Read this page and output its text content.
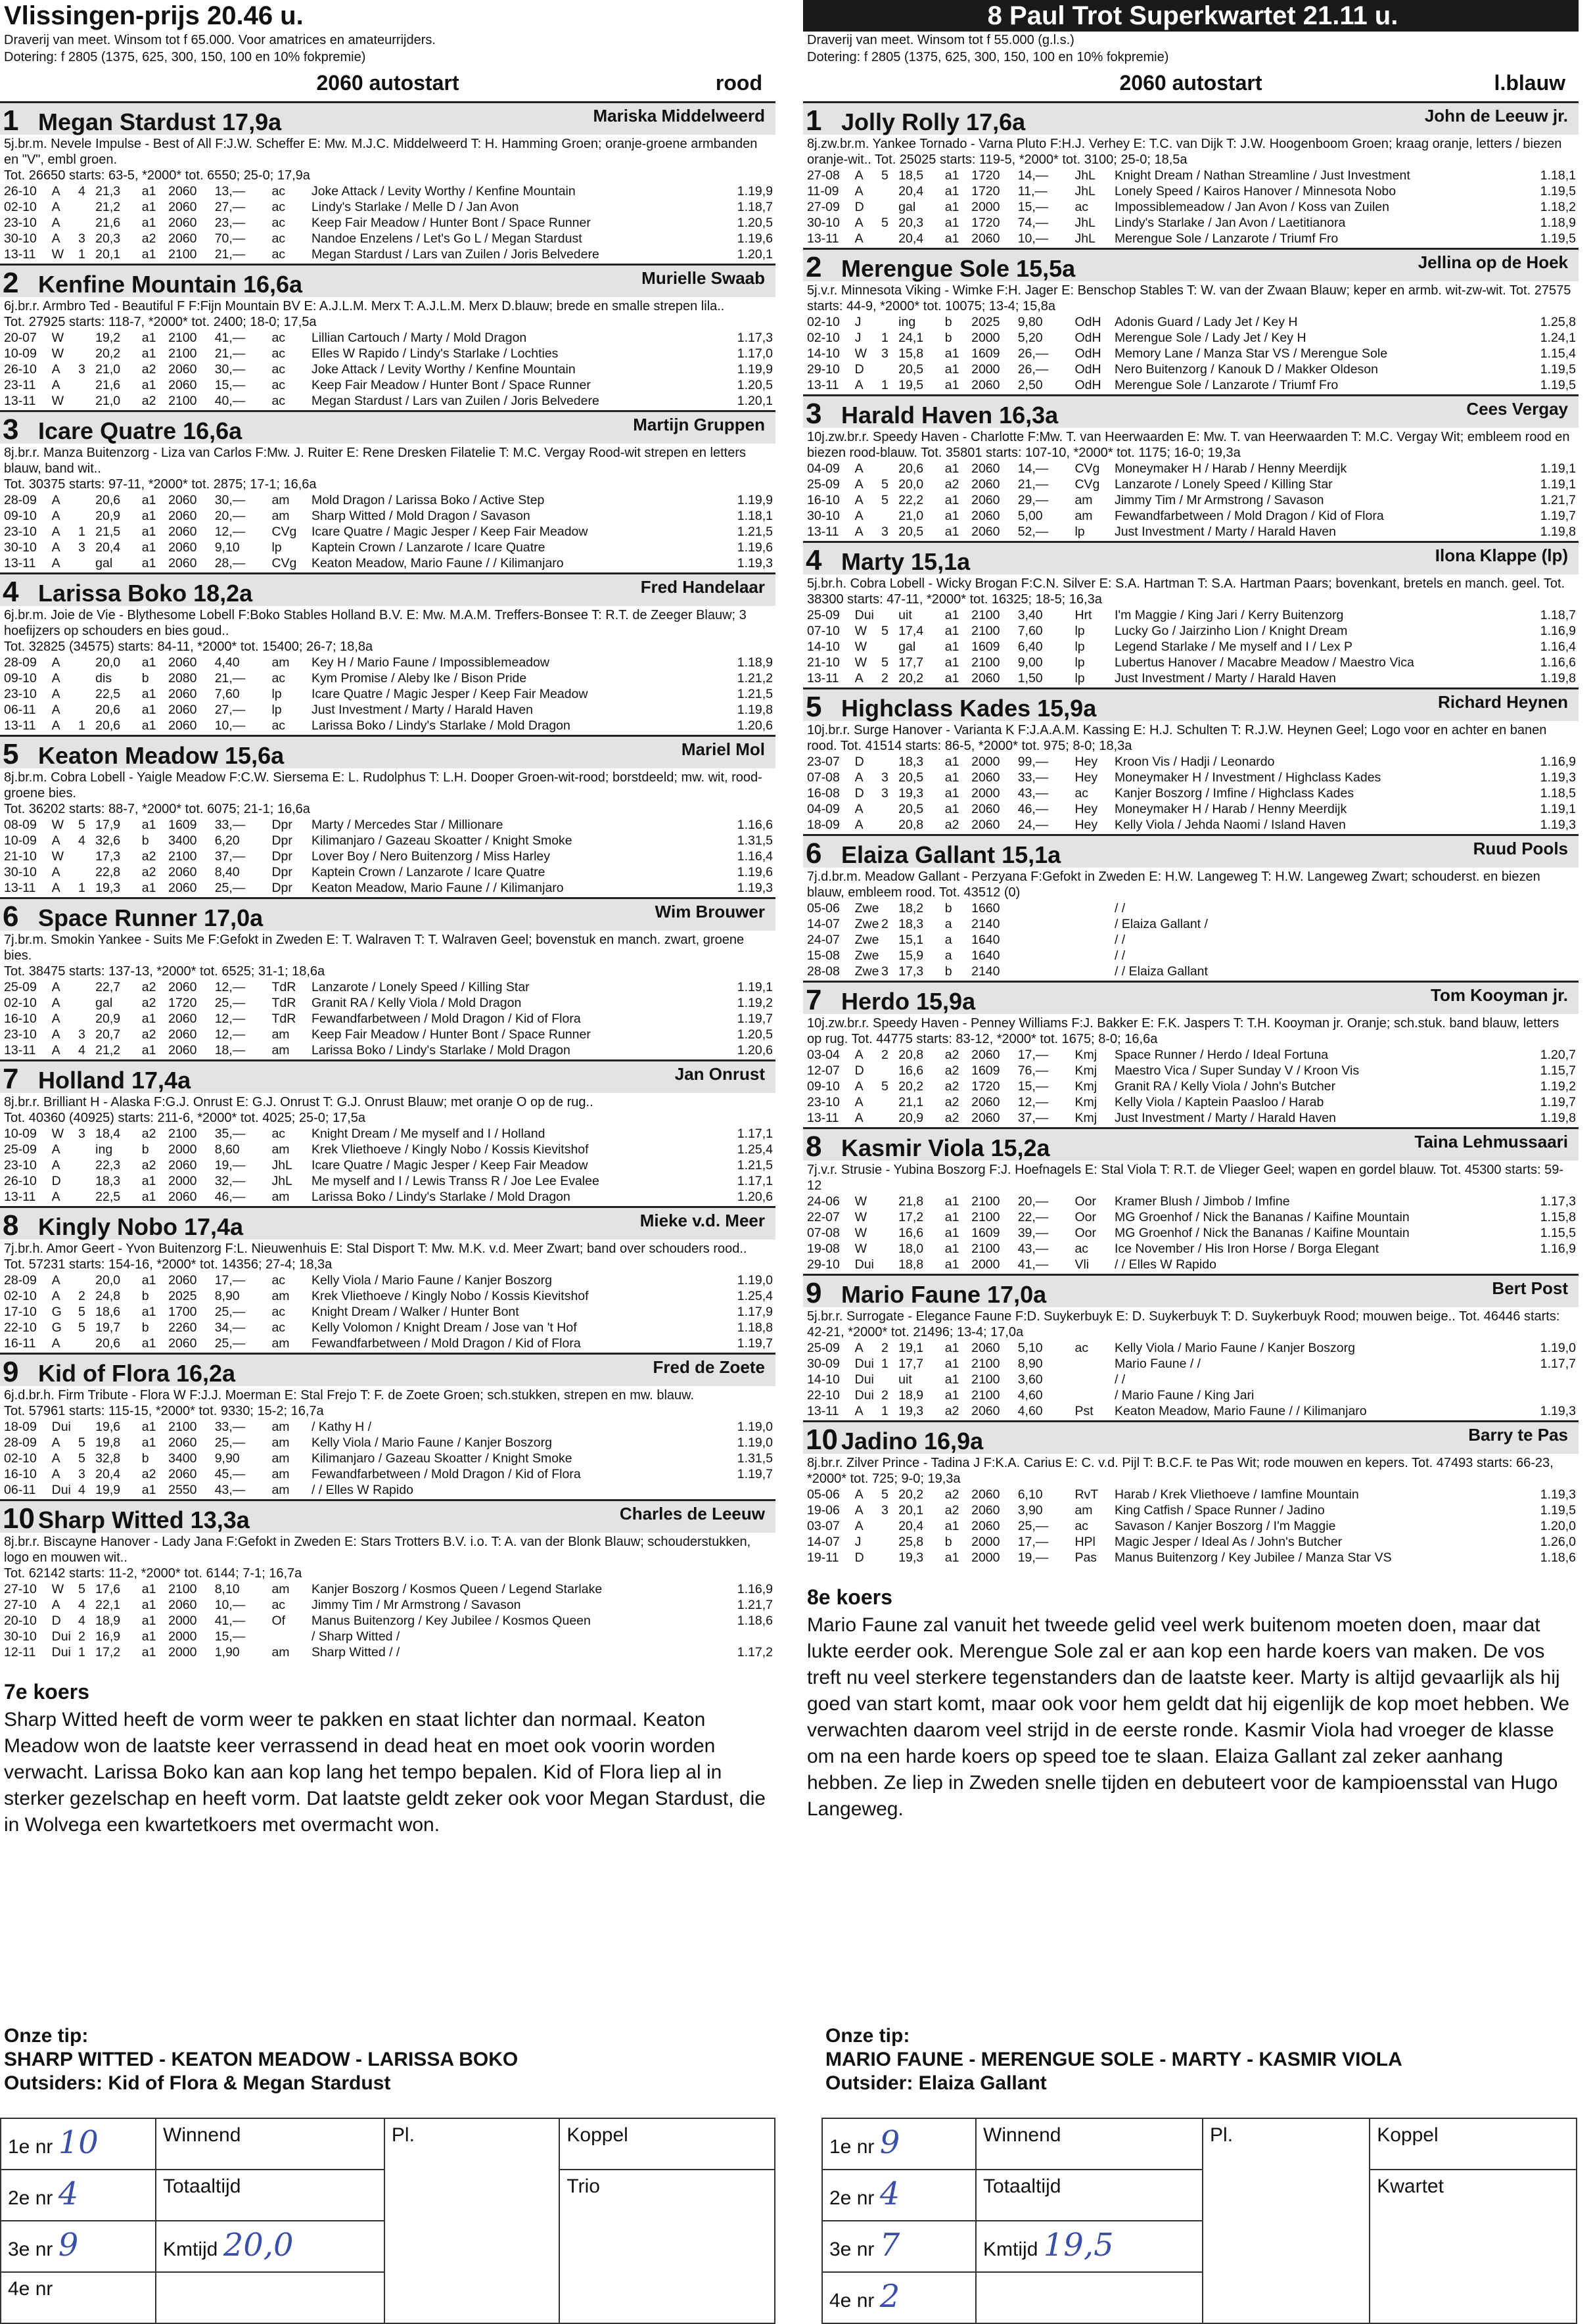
Vlissingen-prijs 20.46 u.
Draverij van meet. Winsom tot f 65.000. Voor amatrices en amateurrijders.
Dotering: f 2805 (1375, 625, 300, 150, 100 en 10% fokpremie)
2060 autostart	rood
1 Megan Stardust 17,9a	Mariska Middelweerd
5j.br.m. Nevele Impulse - Best of All F:J.W. Scheffer E: Mw. M.J.C. Middelweerd T: H. Hamming Groen; oranje-groene armbanden en "V", embl groen.
Tot. 26650 starts: 63-5, *2000* tot. 6550; 25-0; 17,9a
26-10	A	4	21,3	a1	2060	13,—	ac	Joke Attack / Levity Worthy / Kenfine Mountain	1.19,9
02-10	A		21,2	a1	2060	27,—	ac	Lindy's Starlake / Melle D / Jan Avon	1.18,7
23-10	A		21,6	a1	2060	23,—	ac	Keep Fair Meadow / Hunter Bont / Space Runner	1.20,5
30-10	A	3	20,3	a2	2060	70,—	ac	Nandoe Enzelens / Let's Go L / Megan Stardust	1.19,6
13-11	W	1	20,1	a1	2100	21,—	ac	Megan Stardust / Lars van Zuilen / Joris Belvedere	1.20,1
2 Kenfine Mountain 16,6a	Murielle Swaab
6j.br.r. Armbro Ted - Beautiful F F:Fijn Mountain BV E: A.J.L.M. Merx T: A.J.L.M. Merx D.blauw; brede en smalle strepen lila..
Tot. 27925 starts: 118-7, *2000* tot. 2400; 18-0; 17,5a
20-07	W		19,2	a1	2100	41,—	ac	Lillian Cartouch / Marty / Mold Dragon	1.17,3
10-09	W		20,2	a1	2100	21,—	ac	Elles W Rapido / Lindy's Starlake / Lochties	1.17,0
26-10	A	3	21,0	a2	2060	30,—	ac	Joke Attack / Levity Worthy / Kenfine Mountain	1.19,9
23-11	A		21,6	a1	2060	15,—	ac	Keep Fair Meadow / Hunter Bont / Space Runner	1.20,5
13-11	W		21,0	a2	2100	40,—	ac	Megan Stardust / Lars van Zuilen / Joris Belvedere	1.20,1
3 Icare Quatre 16,6a	Martijn Gruppen
8j.br.r. Manza Buitenzorg - Liza van Carlos F:Mw. J. Ruiter E: Rene Dresken Filatelie T: M.C. Vergay Rood-wit strepen en letters blauw, band wit..
Tot. 30375 starts: 97-11, *2000* tot. 2875; 17-1; 16,6a
28-09	A		20,6	a1	2060	30,—	am	Mold Dragon / Larissa Boko / Active Step	1.19,9
09-10	A		20,9	a1	2060	20,—	am	Sharp Witted / Mold Dragon / Savason	1.18,1
23-10	A	1	21,5	a1	2060	12,—	CVg	Icare Quatre / Magic Jesper / Keep Fair Meadow	1.21,5
30-10	A	3	20,4	a1	2060	9,10	lp	Kaptein Crown / Lanzarote / Icare Quatre	1.19,6
13-11	A		gal	a1	2060	28,—	CVg	Keaton Meadow, Mario Faune / / Kilimanjaro	1.19,3
4 Larissa Boko 18,2a	Fred Handelaar
6j.br.m. Joie de Vie - Blythesome Lobell F:Boko Stables Holland B.V. E: Mw. M.A.M. Treffers-Bonsee T: R.T. de Zeeger Blauw; 3 hoefijzers op schouders en bies goud..
Tot. 32825 (34575) starts: 84-11, *2000* tot. 15400; 26-7; 18,8a
28-09	A		20,0	a1	2060	4,40	am	Key H / Mario Faune / Impossiblemeadow	1.18,9
09-10	A		dis	b	2080	21,—	ac	Kym Promise / Aleby Ike / Bison Pride	1.21,2
23-10	A		22,5	a1	2060	7,60	lp	Icare Quatre / Magic Jesper / Keep Fair Meadow	1.21,5
06-11	A		20,6	a1	2060	27,—	lp	Just Investment / Marty / Harald Haven	1.19,8
13-11	A	1	20,6	a1	2060	10,—	ac	Larissa Boko / Lindy's Starlake / Mold Dragon	1.20,6
5 Keaton Meadow 15,6a	Mariel Mol
8j.br.m. Cobra Lobell - Yaigle Meadow F:C.W. Siersema E: L. Rudolphus T: L.H. Dooper Groen-wit-rood; borstdeeld; mw. wit, rood-groene bies.
Tot. 36202 starts: 88-7, *2000* tot. 6075; 21-1; 16,6a
08-09	W	5	17,9	a1	1609	33,—	Dpr	Marty / Mercedes Star / Millionare	1.16,6
10-09	A	4	32,6	b	3400	6,20	Dpr	Kilimanjaro / Gazeau Skoatter / Knight Smoke	1.31,5
21-10	W		17,3	a2	2100	37,—	Dpr	Lover Boy / Nero Buitenzorg / Miss Harley	1.16,4
30-10	A		22,8	a2	2060	8,40	Dpr	Kaptein Crown / Lanzarote / Icare Quatre	1.19,6
13-11	A	1	19,3	a1	2060	25,—	Dpr	Keaton Meadow, Mario Faune / / Kilimanjaro	1.19,3
6 Space Runner 17,0a	Wim Brouwer
7j.br.m. Smokin Yankee - Suits Me F:Gefokt in Zweden E: T. Walraven T: T. Walraven Geel; bovenstuk en manch. zwart, groene bies.
Tot. 38475 starts: 137-13, *2000* tot. 6525; 31-1; 18,6a
25-09	A		22,7	a2	2060	12,—	TdR	Lanzarote / Lonely Speed / Killing Star	1.19,1
02-10	A		gal	a2	1720	25,—	TdR	Granit RA / Kelly Viola / Mold Dragon	1.19,2
16-10	A		20,9	a1	2060	12,—	TdR	Fewandfarbetween / Mold Dragon / Kid of Flora	1.19,7
23-10	A	3	20,7	a2	2060	12,—	am	Keep Fair Meadow / Hunter Bont / Space Runner	1.20,5
13-11	A	4	21,2	a1	2060	18,—	am	Larissa Boko / Lindy's Starlake / Mold Dragon	1.20,6
7 Holland 17,4a	Jan Onrust
8j.br.r. Brilliant H - Alaska F:G.J. Onrust E: G.J. Onrust T: G.J. Onrust Blauw; met oranje O op de rug..
Tot. 40360 (40925) starts: 211-6, *2000* tot. 4025; 25-0; 17,5a
10-09	W	3	18,4	a2	2100	35,—	ac	Knight Dream / Me myself and I / Holland	1.17,1
25-09	A		ing	b	2000	8,60	am	Krek Vliethoeve / Kingly Nobo / Kossis Kievitshof	1.25,4
23-10	A		22,3	a2	2060	19,—	JhL	Icare Quatre / Magic Jesper / Keep Fair Meadow	1.21,5
26-10	D		18,3	a1	2000	32,—	JhL	Me myself and I / Lewis Transs R / Joe Lee Evalee	1.17,1
13-11	A		22,5	a1	2060	46,—	am	Larissa Boko / Lindy's Starlake / Mold Dragon	1.20,6
8 Kingly Nobo 17,4a	Mieke v.d. Meer
7j.br.h. Amor Geert - Yvon Buitenzorg F:L. Nieuwenhuis E: Stal Disport T: Mw. M.K. v.d. Meer Zwart; band over schouders rood..
Tot. 57231 starts: 154-16, *2000* tot. 14356; 27-4; 18,3a
28-09	A		20,0	a1	2060	17,—	ac	Kelly Viola / Mario Faune / Kanjer Boszorg	1.19,0
02-10	A	2	24,8	b	2025	8,90	am	Krek Vliethoeve / Kingly Nobo / Kossis Kievitshof	1.25,4
17-10	G	5	18,6	a1	1700	25,—	ac	Knight Dream / Walker / Hunter Bont	1.17,9
22-10	G	5	19,7	b	2260	34,—	ac	Kelly Volomon / Knight Dream / Jose van 't Hof	1.18,8
16-11	A		20,6	a1	2060	25,—	am	Fewandfarbetween / Mold Dragon / Kid of Flora	1.19,7
9 Kid of Flora 16,2a	Fred de Zoete
6j.d.br.h. Firm Tribute - Flora W F:J.J. Moerman E: Stal Frejo T: F. de Zoete Groen; sch.stukken, strepen en mw. blauw.
Tot. 57961 starts: 115-15, *2000* tot. 9330; 15-2; 16,7a
18-09	Dui		19,6	a1	2100	33,—	am	/ Kathy H /	1.19,0
28-09	A	5	19,8	a1	2060	25,—	am	Kelly Viola / Mario Faune / Kanjer Boszorg	1.19,0
02-10	A	5	32,8	b	3400	9,90	am	Kilimanjaro / Gazeau Skoatter / Knight Smoke	1.31,5
16-10	A	3	20,4	a2	2060	45,—	am	Fewandfarbetween / Mold Dragon / Kid of Flora	1.19,7
06-11	Dui	4	19,9	a1	2550	43,—	am	/ / Elles W Rapido	
10 Sharp Witted 13,3a	Charles de Leeuw
8j.br.r. Biscayne Hanover - Lady Jana F:Gefokt in Zweden E: Stars Trotters B.V. i.o. T: A. van der Blonk Blauw; schouderstukken, logo en mouwen wit..
Tot. 62142 starts: 11-2, *2000* tot. 6144; 7-1; 16,7a
27-10	W	5	17,6	a1	2100	8,10	am	Kanjer Boszorg / Kosmos Queen / Legend Starlake	1.16,9
27-10	A	4	22,1	a1	2060	10,—	ac	Jimmy Tim / Mr Armstrong / Savason	1.21,7
20-10	D	4	18,9	a1	2000	41,—	Of	Manus Buitenzorg / Key Jubilee / Kosmos Queen	1.18,6
30-10	Dui	2	16,9	a1	2000	15,—		/ Sharp Witted /	
12-11	Dui	1	17,2	a1	2000	1,90	am	Sharp Witted / /	1.17,2
7e koers
Sharp Witted heeft de vorm weer te pakken en staat lichter dan normaal. Keaton Meadow won de laatste keer verrassend in dead heat en moet ook voorin worden verwacht. Larissa Boko kan aan kop lang het tempo bepalen. Kid of Flora liep al in sterker gezelschap en heeft vorm. Dat laatste geldt zeker ook voor Megan Stardust, die in Wolvega een kwartetkoers met overmacht won.
8 Paul Trot Superkwartet 21.11 u.
Draverij van meet. Winsom tot f 55.000 (g.l.s.)
Dotering: f 2805 (1375, 625, 300, 150, 100 en 10% fokpremie)
2060 autostart	l.blauw
1 Jolly Rolly 17,6a	John de Leeuw jr.
8j.zw.br.m. Yankee Tornado - Varna Pluto F:H.J. Verhey E: T.C. van Dijk T: J.W. Hoogenboom Groen; kraag oranje, letters / biezen oranje-wit.. Tot. 25025 starts: 119-5, *2000* tot. 3100; 25-0; 18,5a
27-08	A	5	18,5	a1	1720	14,—	JhL	Knight Dream / Nathan Streamline / Just Investment	1.18,1
11-09	A		20,4	a1	1720	11,—	JhL	Lonely Speed / Kairos Hanover / Minnesota Nobo	1.19,5
27-09	D		gal	a1	2000	15,—	ac	Impossiblemeadow / Jan Avon / Koss van Zuilen	1.18,2
30-10	A	5	20,3	a1	1720	74,—	JhL	Lindy's Starlake / Jan Avon / Laetitianora	1.18,9
13-11	A		20,4	a1	2060	10,—	JhL	Merengue Sole / Lanzarote / Triumf Fro	1.19,5
2 Merengue Sole 15,5a	Jellina op de Hoek
5j.v.r. Minnesota Viking - Wimke F:H. Jager E: Benschop Stables T: W. van der Zwaan Blauw; keper en armb. wit-zw-wit. Tot. 27575 starts: 44-9, *2000* tot. 10075; 13-4; 15,8a
02-10	J		ing	b	2025	9,80	OdH	Adonis Guard / Lady Jet / Key H	1.25,8
02-10	J	1	24,1	b	2000	5,20	OdH	Merengue Sole / Lady Jet / Key H	1.24,1
14-10	W	3	15,8	a1	1609	26,—	OdH	Memory Lane / Manza Star VS / Merengue Sole	1.15,4
29-10	D		20,5	a1	2000	26,—	OdH	Nero Buitenzorg / Kanouk D / Makker Oldeson	1.19,5
13-11	A	1	19,5	a1	2060	2,50	OdH	Merengue Sole / Lanzarote / Triumf Fro	1.19,5
3 Harald Haven 16,3a	Cees Vergay
10j.zw.br.r. Speedy Haven - Charlotte F:Mw. T. van Heerwaarden E: Mw. T. van Heerwaarden T: M.C. Vergay Wit; embleem rood en biezen rood-blauw. Tot. 35801 starts: 107-10, *2000* tot. 1175; 16-0; 19,3a
04-09	A		20,6	a1	2060	14,—	CVg	Moneymaker H / Harab / Henny Meerdijk	1.19,1
25-09	A	5	20,0	a2	2060	21,—	CVg	Lanzarote / Lonely Speed / Killing Star	1.19,1
16-10	A	5	22,2	a1	2060	29,—	am	Jimmy Tim / Mr Armstrong / Savason	1.21,7
30-10	A		21,0	a1	2060	5,00	am	Fewandfarbetween / Mold Dragon / Kid of Flora	1.19,7
13-11	A	3	20,5	a1	2060	52,—	lp	Just Investment / Marty / Harald Haven	1.19,8
4 Marty 15,1a	Ilona Klappe (lp)
5j.br.h. Cobra Lobell - Wicky Brogan F:C.N. Silver E: S.A. Hartman T: S.A. Hartman Paars; bovenkant, bretels en manch. geel. Tot. 38300 starts: 47-11, *2000* tot. 16325; 18-5; 16,3a
25-09	Dui		uit	a1	2100	3,40	Hrt	I'm Maggie / King Jari / Kerry Buitenzorg	1.18,7
07-10	W	5	17,4	a1	2100	7,60	lp	Lucky Go / Jairzinho Lion / Knight Dream	1.16,9
14-10	W		gal	a1	1609	6,40	lp	Legend Starlake / Me myself and I / Lex P	1.16,4
21-10	W	5	17,7	a1	2100	9,00	lp	Lubertus Hanover / Macabre Meadow / Maestro Vica	1.16,6
13-11	A	2	20,2	a1	2060	1,50	lp	Just Investment / Marty / Harald Haven	1.19,8
5 Highclass Kades 15,9a	Richard Heynen
10j.br.r. Surge Hanover - Varianta K F:J.A.A.M. Kassing E: H.J. Schulten T: R.J.W. Heynen Geel; Logo voor en achter en banen rood. Tot. 41514 starts: 86-5, *2000* tot. 975; 8-0; 18,3a
23-07	D		18,3	a1	2000	99,—	Hey	Kroon Vis / Hadji / Leonardo	1.16,9
07-08	A	3	20,5	a1	2060	33,—	Hey	Moneymaker H / Investment / Highclass Kades	1.19,3
16-08	D	3	19,3	a1	2000	43,—	ac	Kanjer Boszorg / Imfine / Highclass Kades	1.18,5
04-09	A		20,5	a1	2060	46,—	Hey	Moneymaker H / Harab / Henny Meerdijk	1.19,1
18-09	A		20,8	a2	2060	24,—	Hey	Kelly Viola / Jehda Naomi / Island Haven	1.19,3
6 Elaiza Gallant 15,1a	Ruud Pools
7j.d.br.m. Meadow Gallant - Perzyana F:Gefokt in Zweden E: H.W. Langeweg T: H.W. Langeweg Zwart; schouderst. en biezen blauw, embleem rood. Tot. 43512 (0)
05-06	Zwe		18,2	b	1660			/ /	
14-07	Zwe	2	18,3	a	2140			/ Elaiza Gallant /	
24-07	Zwe		15,1	a	1640			/ /	
15-08	Zwe		15,9	a	1640			/ /	
28-08	Zwe	3	17,3	b	2140			/ / Elaiza Gallant	
7 Herdo 15,9a	Tom Kooyman jr.
10j.zw.br.r. Speedy Haven - Penney Williams F:J. Bakker E: F.K. Jaspers T: T.H. Kooyman jr. Oranje; sch.stuk. band blauw, letters op rug. Tot. 44775 starts: 83-12, *2000* tot. 1675; 8-0; 16,6a
03-04	A	2	20,8	a2	2060	17,—	Kmj	Space Runner / Herdo / Ideal Fortuna	1.20,7
12-07	D		16,6	a2	1609	76,—	Kmj	Maestro Vica / Super Sunday V / Kroon Vis	1.15,7
09-10	A	5	20,2	a2	1720	15,—	Kmj	Granit RA / Kelly Viola / John's Butcher	1.19,2
23-10	A		21,1	a2	2060	12,—	Kmj	Kelly Viola / Kaptein Paasloo / Harab	1.19,7
13-11	A		20,9	a2	2060	37,—	Kmj	Just Investment / Marty / Harald Haven	1.19,8
8 Kasmir Viola 15,2a	Taina Lehmussaari
7j.v.r. Strusie - Yubina Boszorg F:J. Hoefnagels E: Stal Viola T: R.T. de Vlieger Geel; wapen en gordel blauw. Tot. 45300 starts: 59-12
24-06	W		21,8	a1	2100	20,—	Oor	Kramer Blush / Jimbob / Imfine	1.17,3
22-07	W		17,2	a1	2100	22,—	Oor	MG Groenhof / Nick the Bananas / Kaifine Mountain	1.15,8
07-08	W		16,6	a1	1609	39,—	Oor	MG Groenhof / Nick the Bananas / Kaifine Mountain	1.15,5
19-08	W		18,0	a1	2100	43,—	ac	Ice November / His Iron Horse / Borga Elegant	1.16,9
29-10	Dui		18,8	a1	2000	41,—	Vli	/ / Elles W Rapido	
9 Mario Faune 17,0a	Bert Post
5j.br.r. Surrogate - Elegance Faune F:D. Suykerbuyk E: D. Suykerbuyk T: D. Suykerbuyk Rood; mouwen beige.. Tot. 46446 starts: 42-21, *2000* tot. 21496; 13-4; 17,0a
25-09	A	2	19,1	a1	2060	5,10	ac	Kelly Viola / Mario Faune / Kanjer Boszorg	1.19,0
30-09	Dui	1	17,7	a1	2100	8,90		Mario Faune / /	1.17,7
14-10	Dui		uit	a1	2100	3,60		/ /	
22-10	Dui	2	18,9	a1	2100	4,60		/ Mario Faune / King Jari	
13-11	A	1	19,3	a2	2060	4,60	Pst	Keaton Meadow, Mario Faune / / Kilimanjaro	1.19,3
10 Jadino 16,9a	Barry te Pas
8j.br.r. Zilver Prince - Tadina J F:K.A. Carius E: C. v.d. Pijl T: B.C.F. te Pas Wit; rode mouwen en kepers. Tot. 47493 starts: 66-23, *2000* tot. 725; 9-0; 19,3a
05-06	A	5	20,2	a2	2060	6,10	RvT	Harab / Krek Vliethoeve / Iamfine Mountain	1.19,3
19-06	A	3	20,1	a2	2060	3,90	am	King Catfish / Space Runner / Jadino	1.19,5
03-07	A		20,4	a1	2060	25,—	ac	Savason / Kanjer Boszorg / I'm Maggie	1.20,0
14-07	J		25,8	b	2000	17,—	HPl	Magic Jesper / Ideal As / John's Butcher	1.26,0
19-11	D		19,3	a1	2000	19,—	Pas	Manus Buitenzorg / Key Jubilee / Manza Star VS	1.18,6
8e koers
Mario Faune zal vanuit het tweede gelid veel werk buitenom moeten doen, maar dat lukte eerder ook. Merengue Sole zal er aan kop een harde koers van maken. De vos treft nu veel sterkere tegenstanders dan de laatste keer. Marty is altijd gevaarlijk als hij goed van start komt, maar ook voor hem geldt dat hij eigenlijk de kop moet hebben. We verwachten daarom veel strijd in de eerste ronde. Kasmir Viola had vroeger de klasse om na een harde koers op speed toe te slaan. Elaiza Gallant zal zeker aanhang hebben. Ze liep in Zweden snelle tijden en debuteert voor de kampioensstal van Hugo Langeweg.
Onze tip:
SHARP WITTED - KEATON MEADOW - LARISSA BOKO
Outsiders: Kid of Flora & Megan Stardust
1e nr 10	Winnend	Pl.	Koppel
2e nr 4	Totaaltijd		Trio
3e nr 9	Kmtijd 20,0		
4e nr			
Onze tip:
MARIO FAUNE - MERENGUE SOLE - MARTY - KASMIR VIOLA
Outsider: Elaiza Gallant
1e nr 9	Winnend	Pl.	Koppel
2e nr 4	Totaaltijd		Kwartet
3e nr 7	Kmtijd 19,5		
4e nr 2			
